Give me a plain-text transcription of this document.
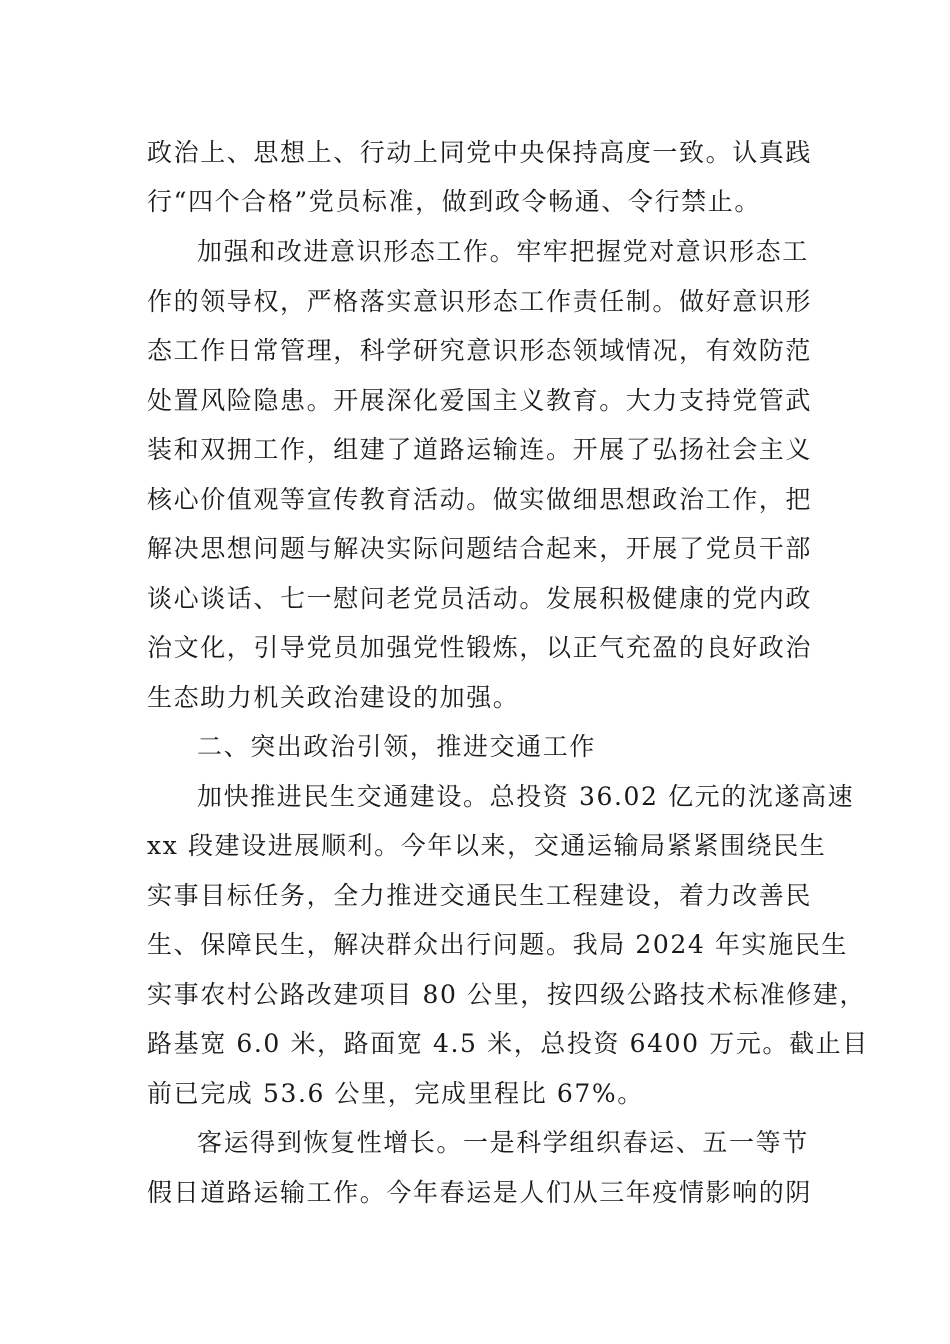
政治上、思想上、行动上同党中央保持高度一致。认真践
行“四个合格”党员标准，做到政令畅通、令行禁止。
加强和改进意识形态工作。牢牢把握党对意识形态工
作的领导权，严格落实意识形态工作责任制。做好意识形
态工作日常管理，科学研究意识形态领域情况，有效防范
处置风险隐患。开展深化爱国主义教育。大力支持党管武
装和双拥工作，组建了道路运输连。开展了弘扬社会主义
核心价值观等宣传教育活动。做实做细思想政治工作，把
解决思想问题与解决实际问题结合起来，开展了党员干部
谈心谈话、七一慰问老党员活动。发展积极健康的党内政
治文化，引导党员加强党性锻炼，以正气充盈的良好政治
生态助力机关政治建设的加强。
二、突出政治引领，推进交通工作
加快推进民生交通建设。总投资 36.02 亿元的沈遂高速
xx 段建设进展顺利。今年以来，交通运输局紧紧围绕民生
实事目标任务，全力推进交通民生工程建设，着力改善民
生、保障民生，解决群众出行问题。我局 2024 年实施民生
实事农村公路改建项目 80 公里，按四级公路技术标准修建，
路基宽 6.0 米，路面宽 4.5 米，总投资 6400 万元。截止目
前已完成 53.6 公里，完成里程比 67%。
客运得到恢复性增长。一是科学组织春运、五一等节
假日道路运输工作。今年春运是人们从三年疫情影响的阴
